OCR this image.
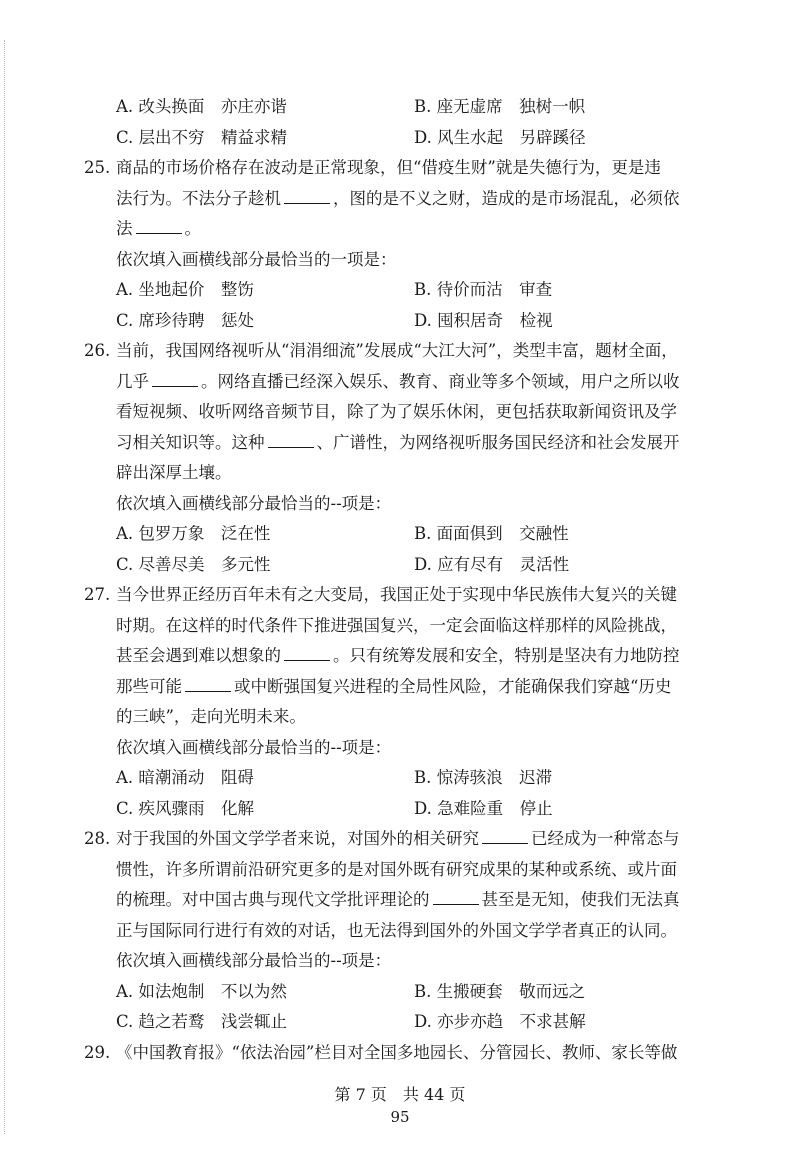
A. 改头换面　亦庄亦谐	B. 座无虚席　独树一帜
C. 层出不穷　精益求精	D. 风生水起　另辟蹊径
25. 商品的市场价格存在波动是正常现象，但“借疫生财”就是失德行为，更是违
法行为。不法分子趁机	，图的是不义之财，造成的是市场混乱，必须依
法	。
依次填入画横线部分最恰当的一项是：
A. 坐地起价　整饬	B. 待价而沽　审查
C. 席珍待聘　惩处	D. 囤积居奇　检视
26. 当前，我国网络视听从“涓涓细流”发展成“大江大河”，类型丰富，题材全面，
几乎	。网络直播已经深入娱乐、教育、商业等多个领域，用户之所以收
看短视频、收听网络音频节目，除了为了娱乐休闲，更包括获取新闻资讯及学
习相关知识等。这种	、广谱性，为网络视听服务国民经济和社会发展开
辟出深厚土壤。
依次填入画横线部分最恰当的--项是：
A. 包罗万象　泛在性	B. 面面俱到　交融性
C. 尽善尽美　多元性	D. 应有尽有　灵活性
27. 当今世界正经历百年未有之大变局，我国正处于实现中华民族伟大复兴的关键
时期。在这样的时代条件下推进强国复兴，一定会面临这样那样的风险挑战，
甚至会遇到难以想象的	。只有统筹发展和安全，特别是坚决有力地防控
那些可能	或中断强国复兴进程的全局性风险，才能确保我们穿越“历史
的三峡”，走向光明未来。
依次填入画横线部分最恰当的--项是：
A. 暗潮涌动　阻碍	B. 惊涛骇浪　迟滞
C. 疾风骤雨　化解	D. 急难险重　停止
28. 对于我国的外国文学学者来说，对国外的相关研究	已经成为一种常态与
惯性，许多所谓前沿研究更多的是对国外既有研究成果的某种或系统、或片面
的梳理。对中国古典与现代文学批评理论的	甚至是无知，使我们无法真
正与国际同行进行有效的对话，也无法得到国外的外国文学学者真正的认同。
依次填入画横线部分最恰当的--项是：
A. 如法炮制　不以为然	B. 生搬硬套　敬而远之
C. 趋之若鹜　浅尝辄止	D. 亦步亦趋　不求甚解
29. 《中国教育报》“依法治园”栏目对全国多地园长、分管园长、教师、家长等做
第 7 页　共 44 页
95
